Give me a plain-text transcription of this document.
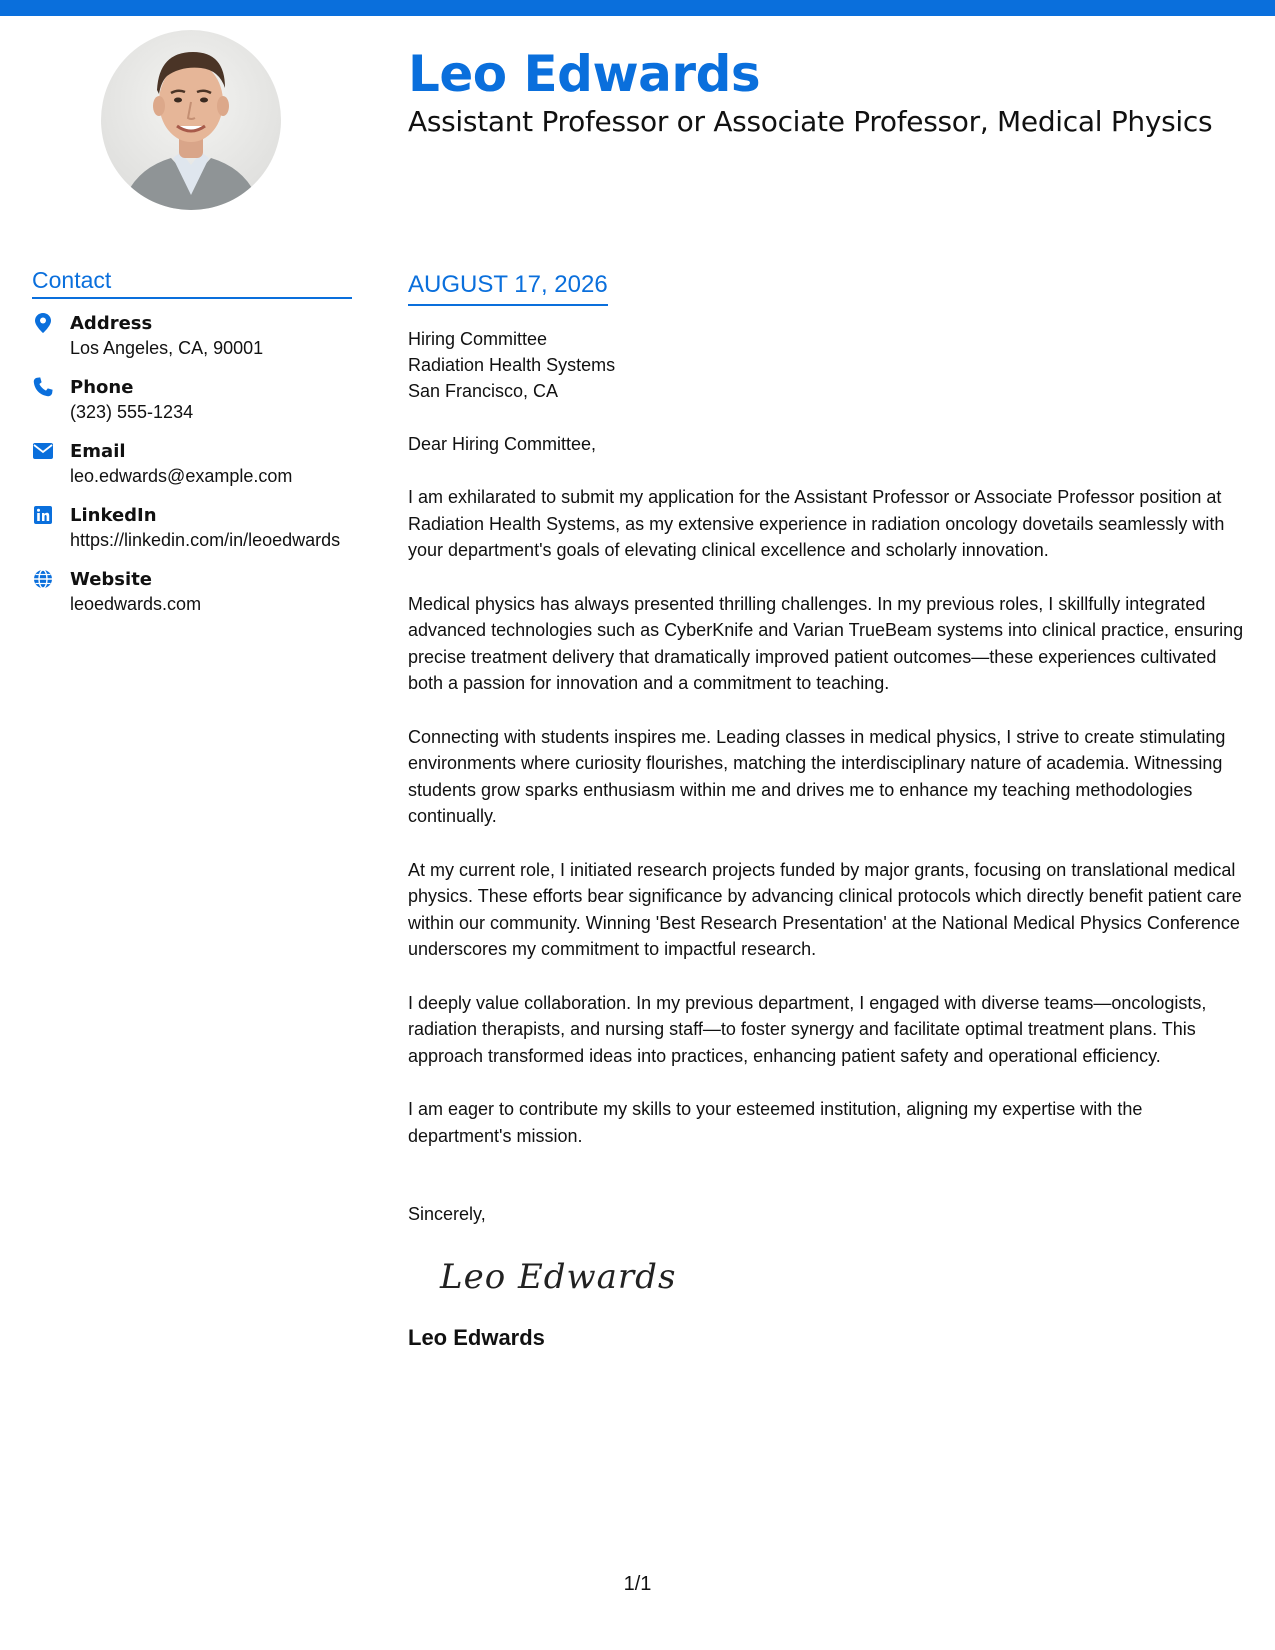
Leo Edwards
Assistant Professor or Associate Professor, Medical Physics
Contact
Address
Los Angeles, CA, 90001
Phone
(323) 555-1234
Email
leo.edwards@example.com
LinkedIn
https://linkedin.com/in/leoedwards
Website
leoedwards.com
AUGUST 17, 2026

Hiring Committee

Radiation Health Systems

San Francisco, CA

Dear Hiring Committee,

I am exhilarated to submit my application for the Assistant Professor or Associate Professor position at Radiation Health Systems, as my extensive experience in radiation oncology dovetails seamlessly with your department's goals of elevating clinical excellence and scholarly innovation.

Medical physics has always presented thrilling challenges. In my previous roles, I skillfully integrated advanced technologies such as CyberKnife and Varian TrueBeam systems into clinical practice, ensuring precise treatment delivery that dramatically improved patient outcomes—these experiences cultivated both a passion for innovation and a commitment to teaching.

Connecting with students inspires me. Leading classes in medical physics, I strive to create stimulating environments where curiosity flourishes, matching the interdisciplinary nature of academia. Witnessing students grow sparks enthusiasm within me and drives me to enhance my teaching methodologies continually.

At my current role, I initiated research projects funded by major grants, focusing on translational medical physics. These efforts bear significance by advancing clinical protocols which directly benefit patient care within our community. Winning 'Best Research Presentation' at the National Medical Physics Conference underscores my commitment to impactful research.

I deeply value collaboration. In my previous department, I engaged with diverse teams—oncologists, radiation therapists, and nursing staff—to foster synergy and facilitate optimal treatment plans. This approach transformed ideas into practices, enhancing patient safety and operational efficiency.

I am eager to contribute my skills to your esteemed institution, aligning my expertise with the department's mission.

Sincerely,

Leo Edwards
Leo Edwards
1/1
